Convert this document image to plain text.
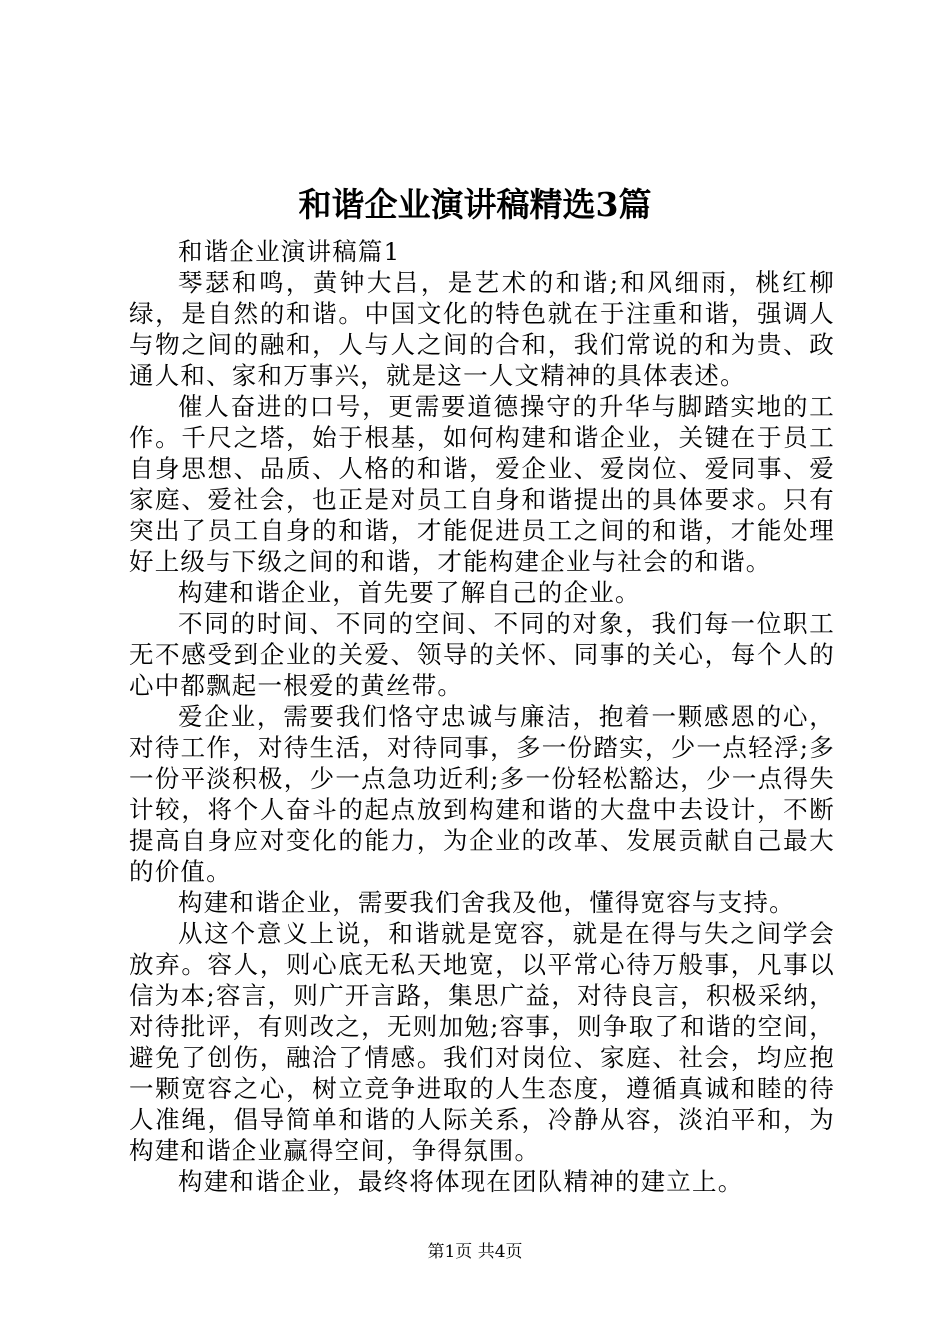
和谐企业演讲稿精选3篇

和谐企业演讲稿篇1

琴瑟和鸣，黄钟大吕，是艺术的和谐;和风细雨，桃红柳绿，是自然的和谐。中国文化的特色就在于注重和谐，强调人与物之间的融和，人与人之间的合和，我们常说的和为贵、政通人和、家和万事兴，就是这一人文精神的具体表述。

催人奋进的口号，更需要道德操守的升华与脚踏实地的工作。千尺之塔，始于根基，如何构建和谐企业，关键在于员工自身思想、品质、人格的和谐，爱企业、爱岗位、爱同事、爱家庭、爱社会，也正是对员工自身和谐提出的具体要求。只有突出了员工自身的和谐，才能促进员工之间的和谐，才能处理好上级与下级之间的和谐，才能构建企业与社会的和谐。

构建和谐企业，首先要了解自己的企业。

不同的时间、不同的空间、不同的对象，我们每一位职工无不感受到企业的关爱、领导的关怀、同事的关心，每个人的心中都飘起一根爱的黄丝带。

爱企业，需要我们恪守忠诚与廉洁，抱着一颗感恩的心，对待工作，对待生活，对待同事，多一份踏实，少一点轻浮;多一份平淡积极，少一点急功近利;多一份轻松豁达，少一点得失计较，将个人奋斗的起点放到构建和谐的大盘中去设计，不断提高自身应对变化的能力，为企业的改革、发展贡献自己最大的价值。

构建和谐企业，需要我们舍我及他，懂得宽容与支持。

从这个意义上说，和谐就是宽容，就是在得与失之间学会放弃。容人，则心底无私天地宽，以平常心待万般事，凡事以信为本;容言，则广开言路，集思广益，对待良言，积极采纳，对待批评，有则改之，无则加勉;容事，则争取了和谐的空间，避免了创伤，融洽了情感。我们对岗位、家庭、社会，均应抱一颗宽容之心，树立竞争进取的人生态度，遵循真诚和睦的待人准绳，倡导简单和谐的人际关系，冷静从容，淡泊平和，为构建和谐企业赢得空间，争得氛围。

构建和谐企业，最终将体现在团队精神的建立上。

第1页 共4页
